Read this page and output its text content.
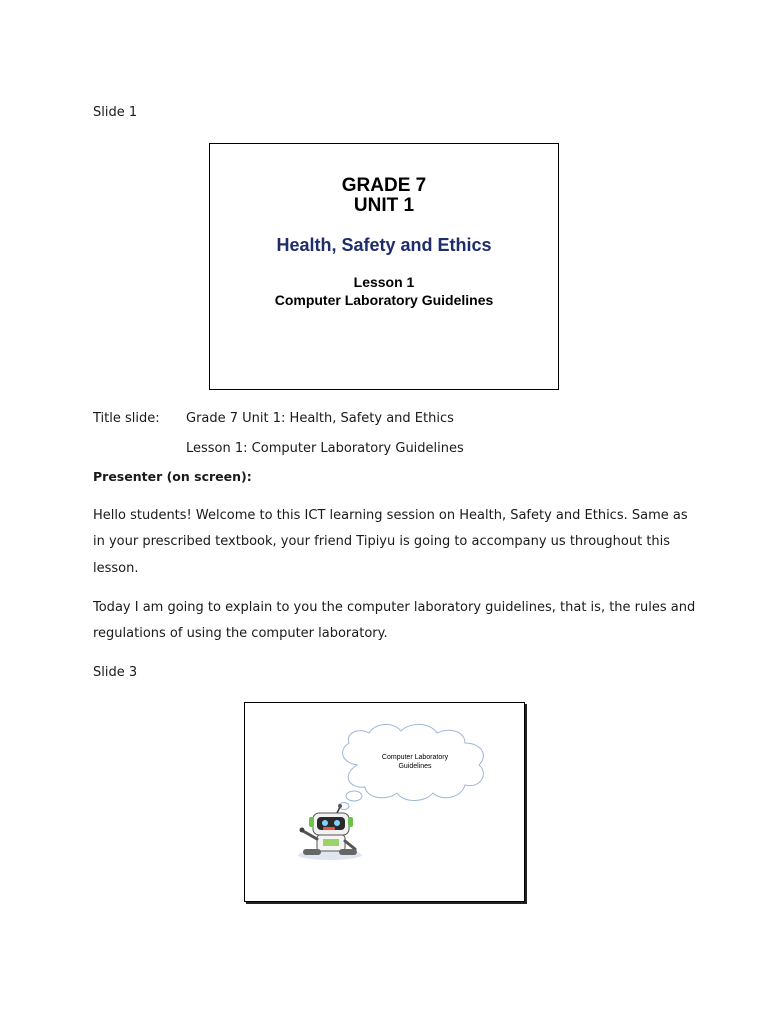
Slide 1
GRADE 7
UNIT 1
Health, Safety and Ethics
Lesson 1
Computer Laboratory Guidelines
Title slide: Grade 7 Unit 1: Health, Safety and Ethics
Lesson 1: Computer Laboratory Guidelines
Presenter (on screen):
Hello students! Welcome to this ICT learning session on Health, Safety and Ethics. Same as
in your prescribed textbook, your friend Tipiyu is going to accompany us throughout this
lesson.
Today I am going to explain to you the computer laboratory guidelines, that is, the rules and
regulations of using the computer laboratory.
Slide 3
Computer Laboratory
Guidelines
